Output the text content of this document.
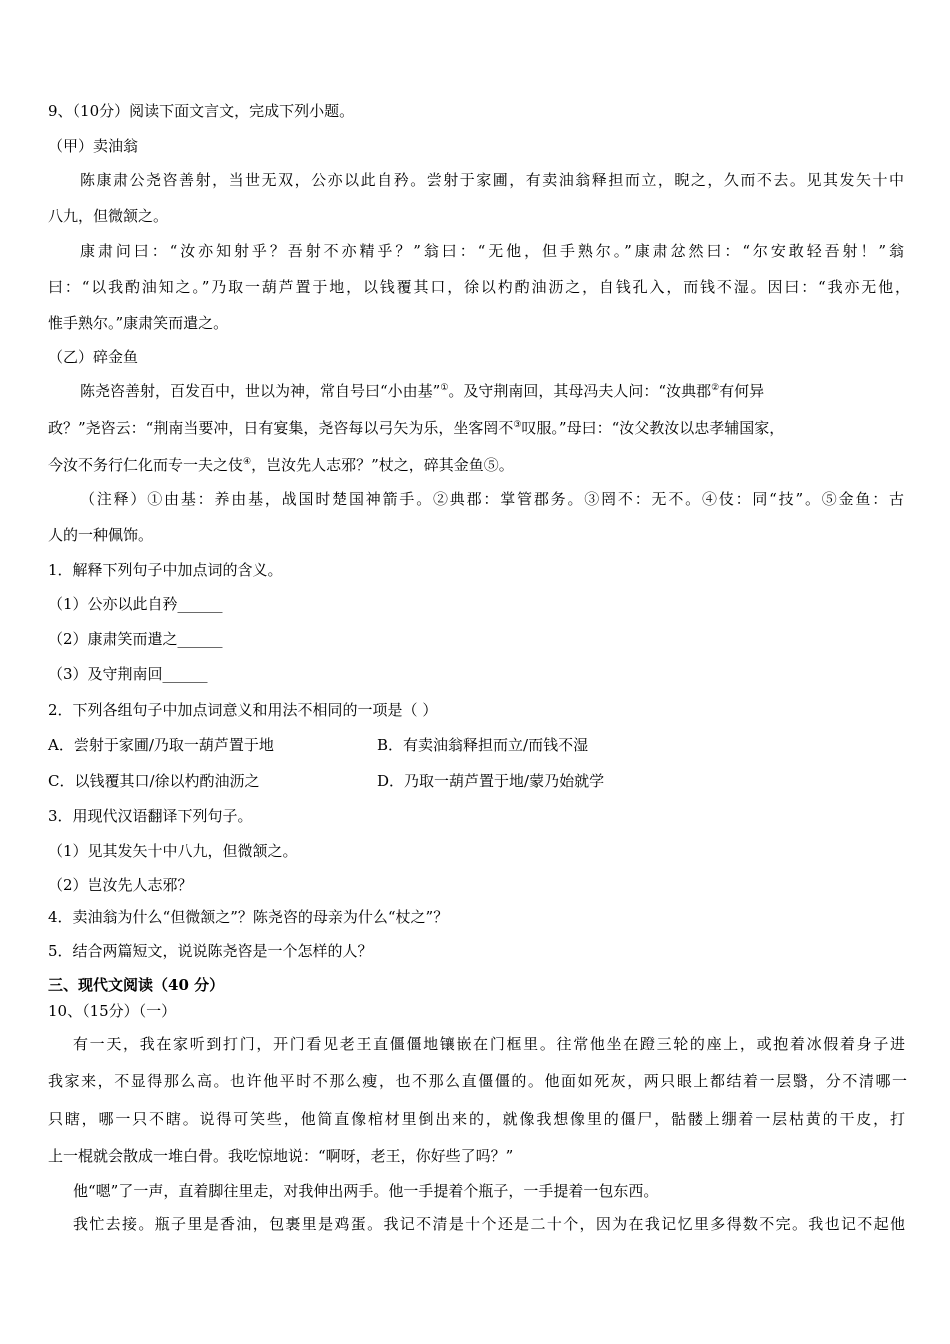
9、（10分）阅读下面文言文，完成下列小题。
（甲）卖油翁
陈康肃公尧咨善射，当世无双，公亦以此自矜。尝射于家圃，有卖油翁释担而立，睨之，久而不去。见其发矢十中
八九，但微颔之。
康肃问曰：“汝亦知射乎？吾射不亦精乎？”翁曰：“无他，但手熟尔。”康肃忿然曰：“尔安敢轻吾射！”翁
曰：“以我酌油知之。”乃取一葫芦置于地，以钱覆其口，徐以杓酌油沥之，自钱孔入，而钱不湿。因曰：“我亦无他，
惟手熟尔。”康肃笑而遣之。
（乙）碎金鱼
陈尧咨善射，百发百中，世以为神，常自号曰“小由基”①。及守荆南回，其母冯夫人问：“汝典郡②有何异
政？”尧咨云：“荆南当要冲，日有宴集，尧咨每以弓矢为乐，坐客罔不③叹服。”母曰：“汝父教汝以忠孝辅国家，
今汝不务行仁化而专一夫之伎④，岂汝先人志邪？”杖之，碎其金鱼⑤。
（注释）①由基：养由基，战国时楚国神箭手。②典郡：掌管郡务。③罔不：无不。④伎：同“技”。⑤金鱼：古
人的一种佩饰。
1．解释下列句子中加点词的含义。
（1）公亦以此自矜______
（2）康肃笑而遣之______
（3）及守荆南回______
2．下列各组句子中加点词意义和用法不相同的一项是（ ）
A．尝射于家圃/乃取一葫芦置于地	B．有卖油翁释担而立/而钱不湿
C．以钱覆其口/徐以杓酌油沥之	D．乃取一葫芦置于地/蒙乃始就学
3．用现代汉语翻译下列句子。
（1）见其发矢十中八九，但微颔之。
（2）岂汝先人志邪？
4．卖油翁为什么“但微颔之”？陈尧咨的母亲为什么“杖之”？
5．结合两篇短文，说说陈尧咨是一个怎样的人？
三、现代文阅读（40 分）
10、（15分）（一）
有一天，我在家听到打门，开门看见老王直僵僵地镶嵌在门框里。往常他坐在蹬三轮的座上，或抱着冰假着身子进
我家来，不显得那么高。也许他平时不那么瘦，也不那么直僵僵的。他面如死灰，两只眼上都结着一层翳，分不清哪一
只瞎，哪一只不瞎。说得可笑些，他简直像棺材里倒出来的，就像我想像里的僵尸，骷髅上绷着一层枯黄的干皮，打
上一棍就会散成一堆白骨。我吃惊地说：“啊呀，老王，你好些了吗？”
他“嗯”了一声，直着脚往里走，对我伸出两手。他一手提着个瓶子，一手提着一包东西。
我忙去接。瓶子里是香油，包裹里是鸡蛋。我记不清是十个还是二十个，因为在我记忆里多得数不完。我也记不起他
